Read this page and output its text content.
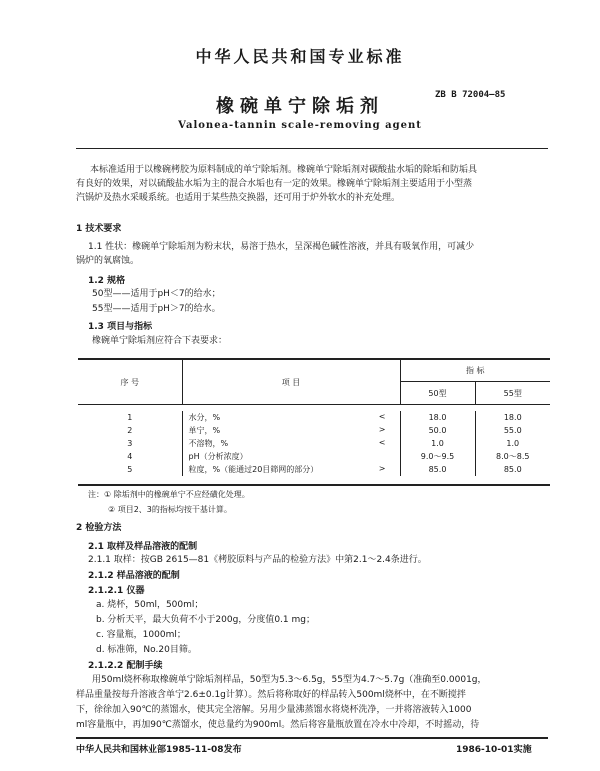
中华人民共和国专业标准
橡碗单宁除垢剂
ZB B 72004—85
Valonea-tannin scale-removing agent
本标准适用于以橡碗栲胶为原料制成的单宁除垢剂。橡碗单宁除垢剂对碳酸盐水垢的除垢和防垢具
有良好的效果，对以硫酸盐水垢为主的混合水垢也有一定的效果。橡碗单宁除垢剂主要适用于小型蒸
汽锅炉及热水采暖系统。也适用于某些热交换器，还可用于炉外软水的补充处理。
1 技术要求
1.1 性状：橡碗单宁除垢剂为粉末状，易溶于热水，呈深褐色碱性溶液，并具有吸氧作用，可减少
锅炉的氧腐蚀。
1.2 规格
50型——适用于pH＜7的给水；
55型——适用于pH＞7的给水。
1.3 项目与指标
橡碗单宁除垢剂应符合下表要求：
序 号	项 目	指 标	
		50型	55型

1	水分，% <	18.0	18.0
2	单宁，% >	50.0	55.0
3	不溶物，% <	1.0	1.0
4	pH（分析浓度）	9.0～9.5	8.0～8.5
5	粒度，%（能通过20目筛网的部分） >	85.0	85.0

注：① 除垢剂中的橡碗单宁不应经磺化处理。
② 项目2、3的指标均按干基计算。
2 检验方法
2.1 取样及样品溶液的配制
2.1.1 取样：按GB 2615—81《栲胶原料与产品的检验方法》中第2.1～2.4条进行。
2.1.2 样品溶液的配制
2.1.2.1 仪器
a. 烧杯，50ml，500ml；
b. 分析天平，最大负荷不小于200g，分度值0.1 mg；
c. 容量瓶，1000ml；
d. 标准筛，No.20目筛。
2.1.2.2 配制手续
用50ml烧杯称取橡碗单宁除垢剂样品，50型为5.3～6.5g，55型为4.7～5.7g（准确至0.0001g，
样品重量按每升溶液含单宁2.6±0.1g计算）。然后将称取好的样品转入500ml烧杯中，在不断搅拌
下，徐徐加入90℃的蒸馏水，使其完全溶解。另用少量沸蒸馏水将烧杯洗净，一并将溶液转入1000
ml容量瓶中，再加90℃蒸馏水，使总量约为900ml。然后将容量瓶放置在冷水中冷却，不时摇动，待
中华人民共和国林业部1985-11-08发布	1986-10-01实施
